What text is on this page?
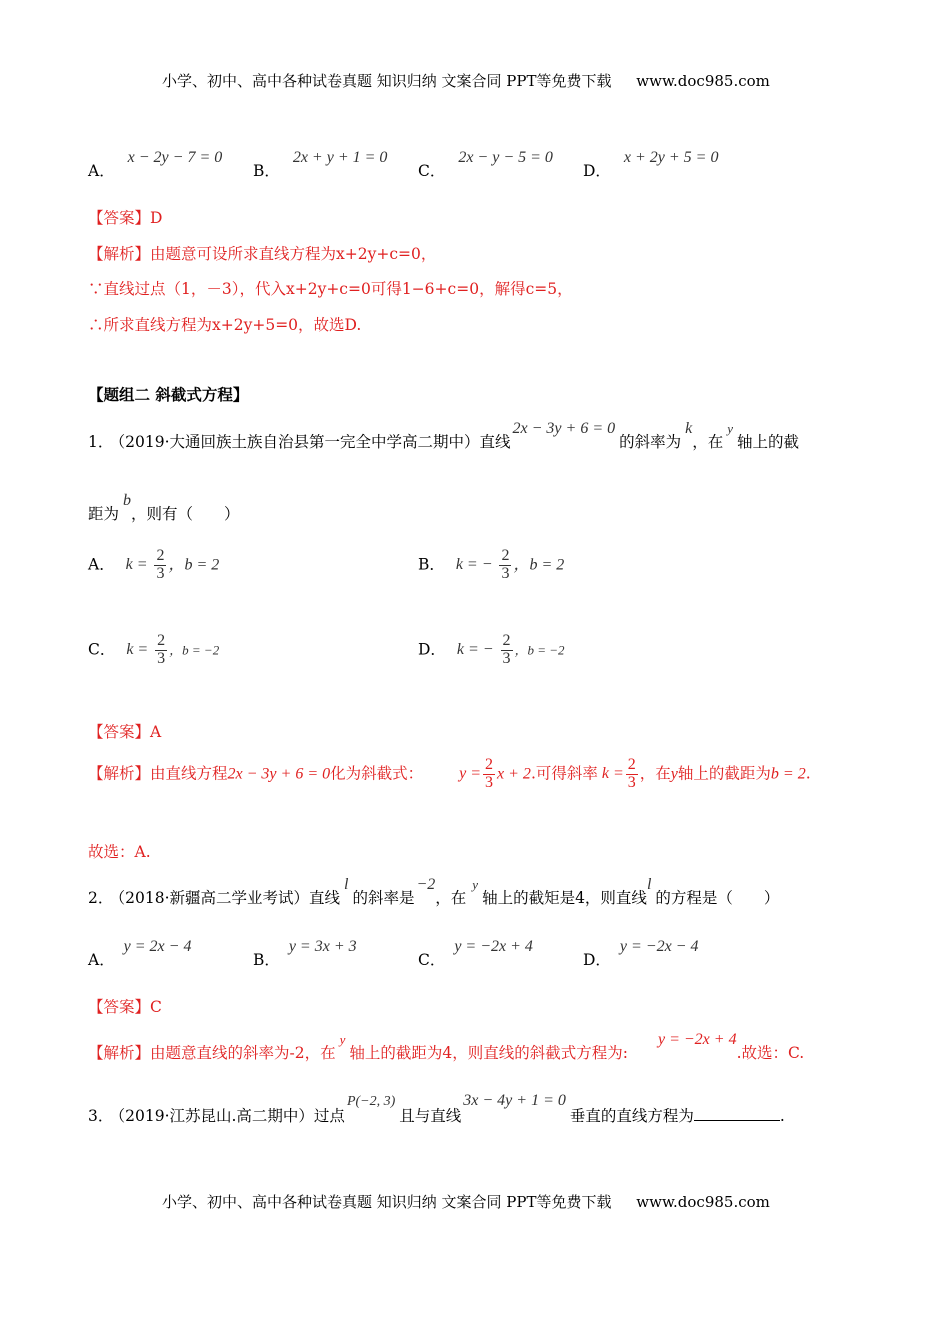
小学、初中、高中各种试卷真题 知识归纳 文案合同 PPT等免费下载 www.doc985.com
A． x − 2y − 7 = 0
B． 2x + y + 1 = 0
C． 2x − y − 5 = 0
D． x + 2y + 5 = 0
【答案】D
【解析】由题意可设所求直线方程为x+2y+c=0，
∵直线过点（1，－3），代入x+2y+c=0可得1−6+c=0，解得c=5，
∴所求直线方程为x+2y+5=0，故选D.
【题组二 斜截式方程】
1． （2019·大通回族土族自治县第一完全中学高二期中）直线2x − 3y + 6 = 0的斜率为k，在y轴上的截
距为b，则有（　　）
A． $k = \frac{2}{3}$ ，b = 2	B． k = − $\frac{2}{3}$ ，b = 2
C． $k = \frac{2}{3}$ ，b = −2	D． k = − $\frac{2}{3}$ ，b = −2
【答案】A
【解析】由直线方程2x − 3y + 6 = 0化为斜截式： $y = \frac{2}{3}$ x + 2.可得斜率 $k = \frac{2}{3}$ ，在y轴上的截距为b = 2.
故选：A.
2． （2018·新疆高二学业考试）直线l的斜率是−2，在y轴上的截矩是4，则直线l的方程是（　　）
A． y = 2x − 4
B． y = 3x + 3
C． y = −2x + 4
D． y = −2x − 4
【答案】C
【解析】由题意直线的斜率为-2，在y轴上的截距为4，则直线的斜截式方程为:y = −2x + 4.故选：C.
3． （2019·江苏昆山.高二期中）过点P(−2, 3)且与直线3x − 4y + 1 = 0垂直的直线方程为	.
小学、初中、高中各种试卷真题 知识归纳 文案合同 PPT等免费下载 www.doc985.com
